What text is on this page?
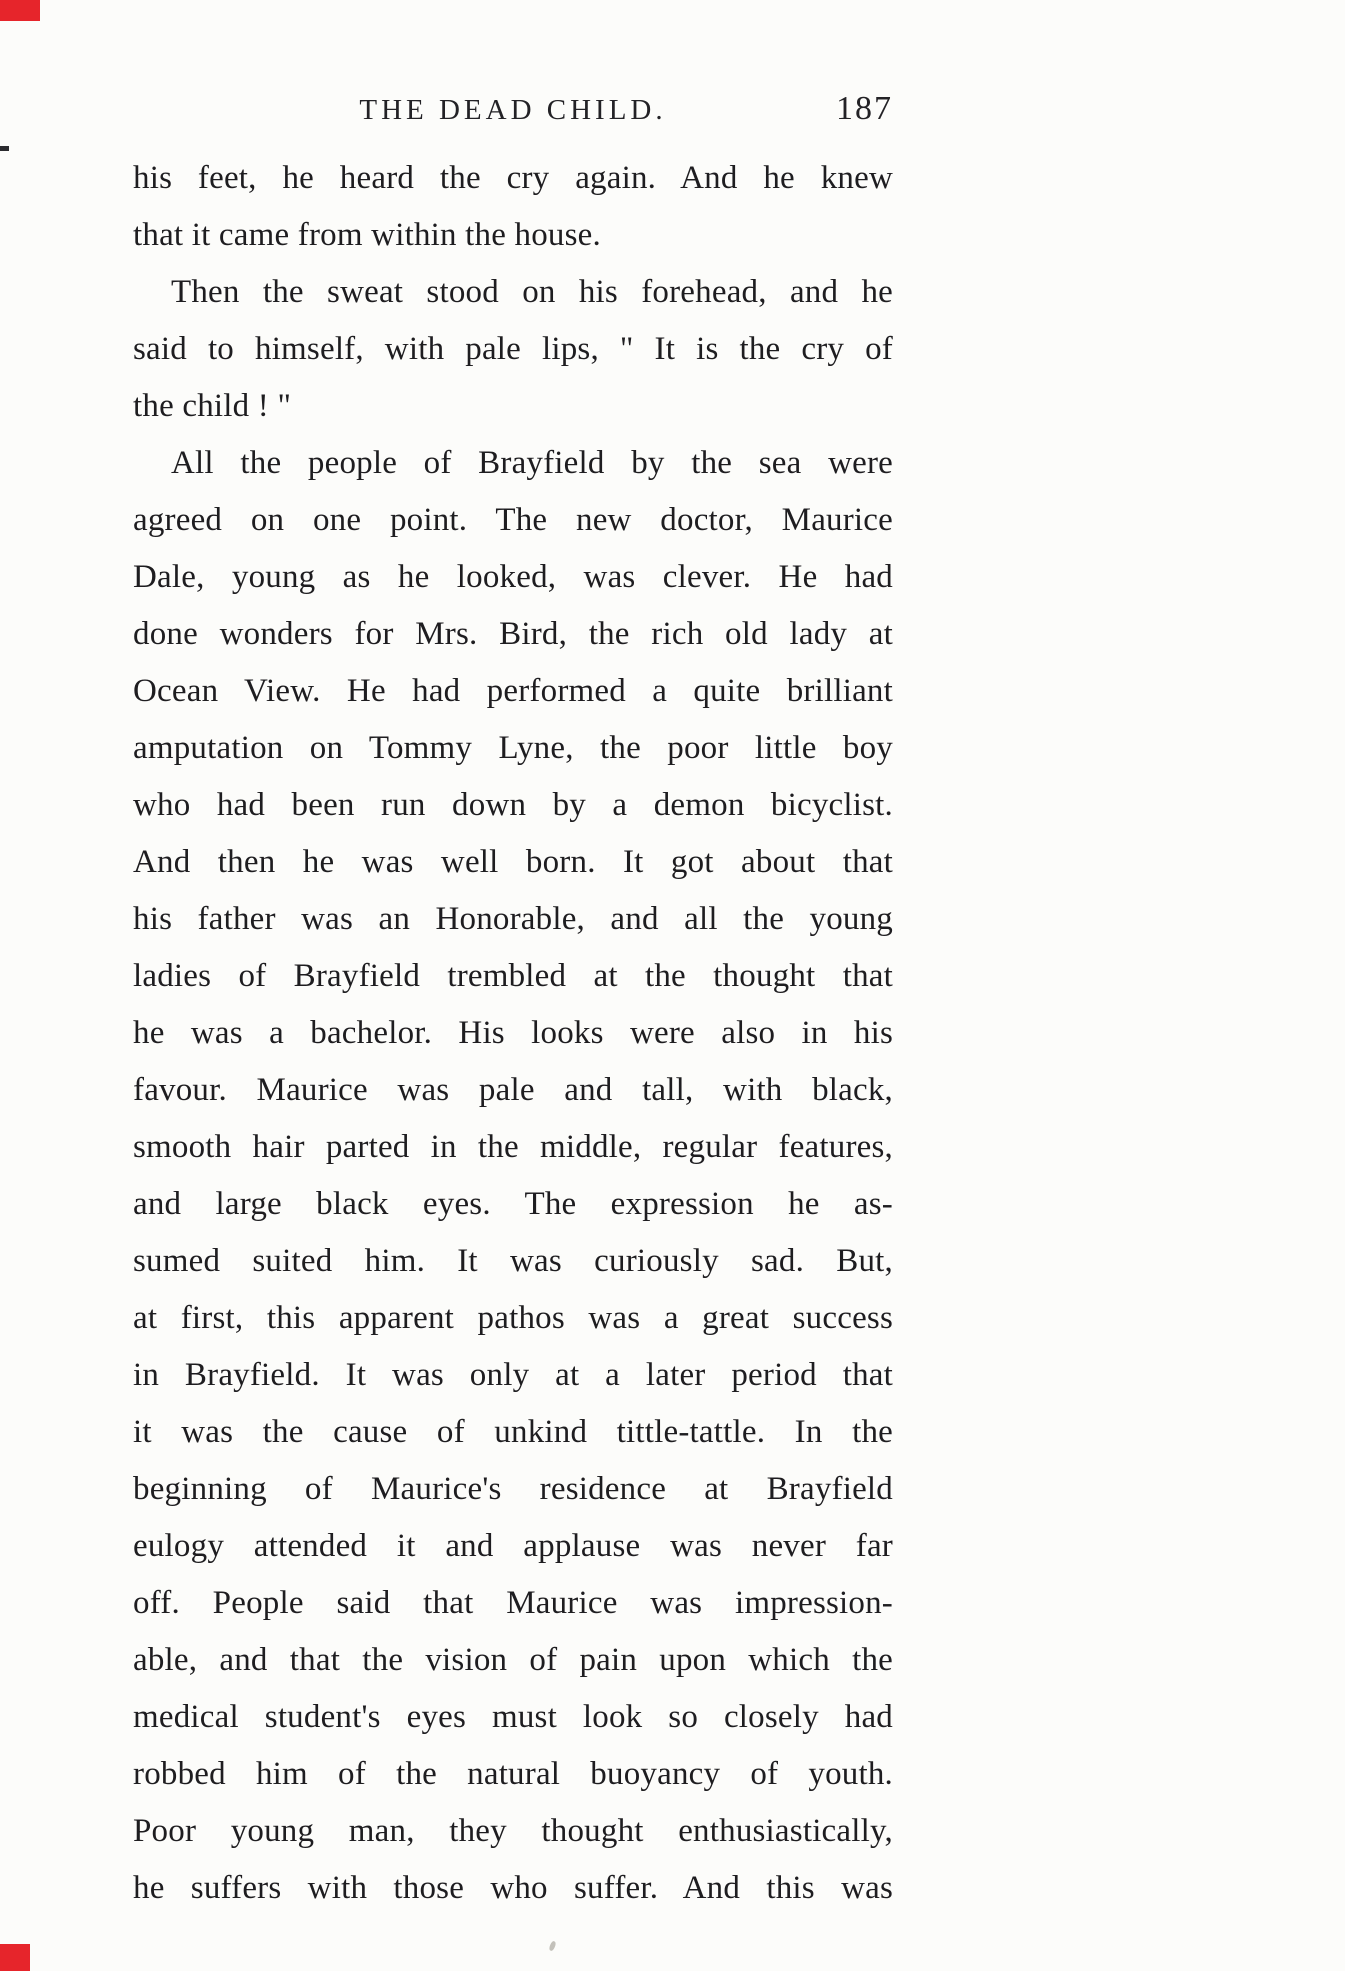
THE DEAD CHILD.	187
his feet, he heard the cry again. And he knew
that it came from within the house.
Then the sweat stood on his forehead, and he
said to himself, with pale lips, " It is the cry of
the child ! "
All the people of Brayfield by the sea were
agreed on one point. The new doctor, Maurice
Dale, young as he looked, was clever. He had
done wonders for Mrs. Bird, the rich old lady at
Ocean View. He had performed a quite brilliant
amputation on Tommy Lyne, the poor little boy
who had been run down by a demon bicyclist.
And then he was well born. It got about that
his father was an Honorable, and all the young
ladies of Brayfield trembled at the thought that
he was a bachelor. His looks were also in his
favour. Maurice was pale and tall, with black,
smooth hair parted in the middle, regular features,
and large black eyes. The expression he as-
sumed suited him. It was curiously sad. But,
at first, this apparent pathos was a great success
in Brayfield. It was only at a later period that
it was the cause of unkind tittle-tattle. In the
beginning of Maurice's residence at Brayfield
eulogy attended it and applause was never far
off. People said that Maurice was impression-
able, and that the vision of pain upon which the
medical student's eyes must look so closely had
robbed him of the natural buoyancy of youth.
Poor young man, they thought enthusiastically,
he suffers with those who suffer. And this was
